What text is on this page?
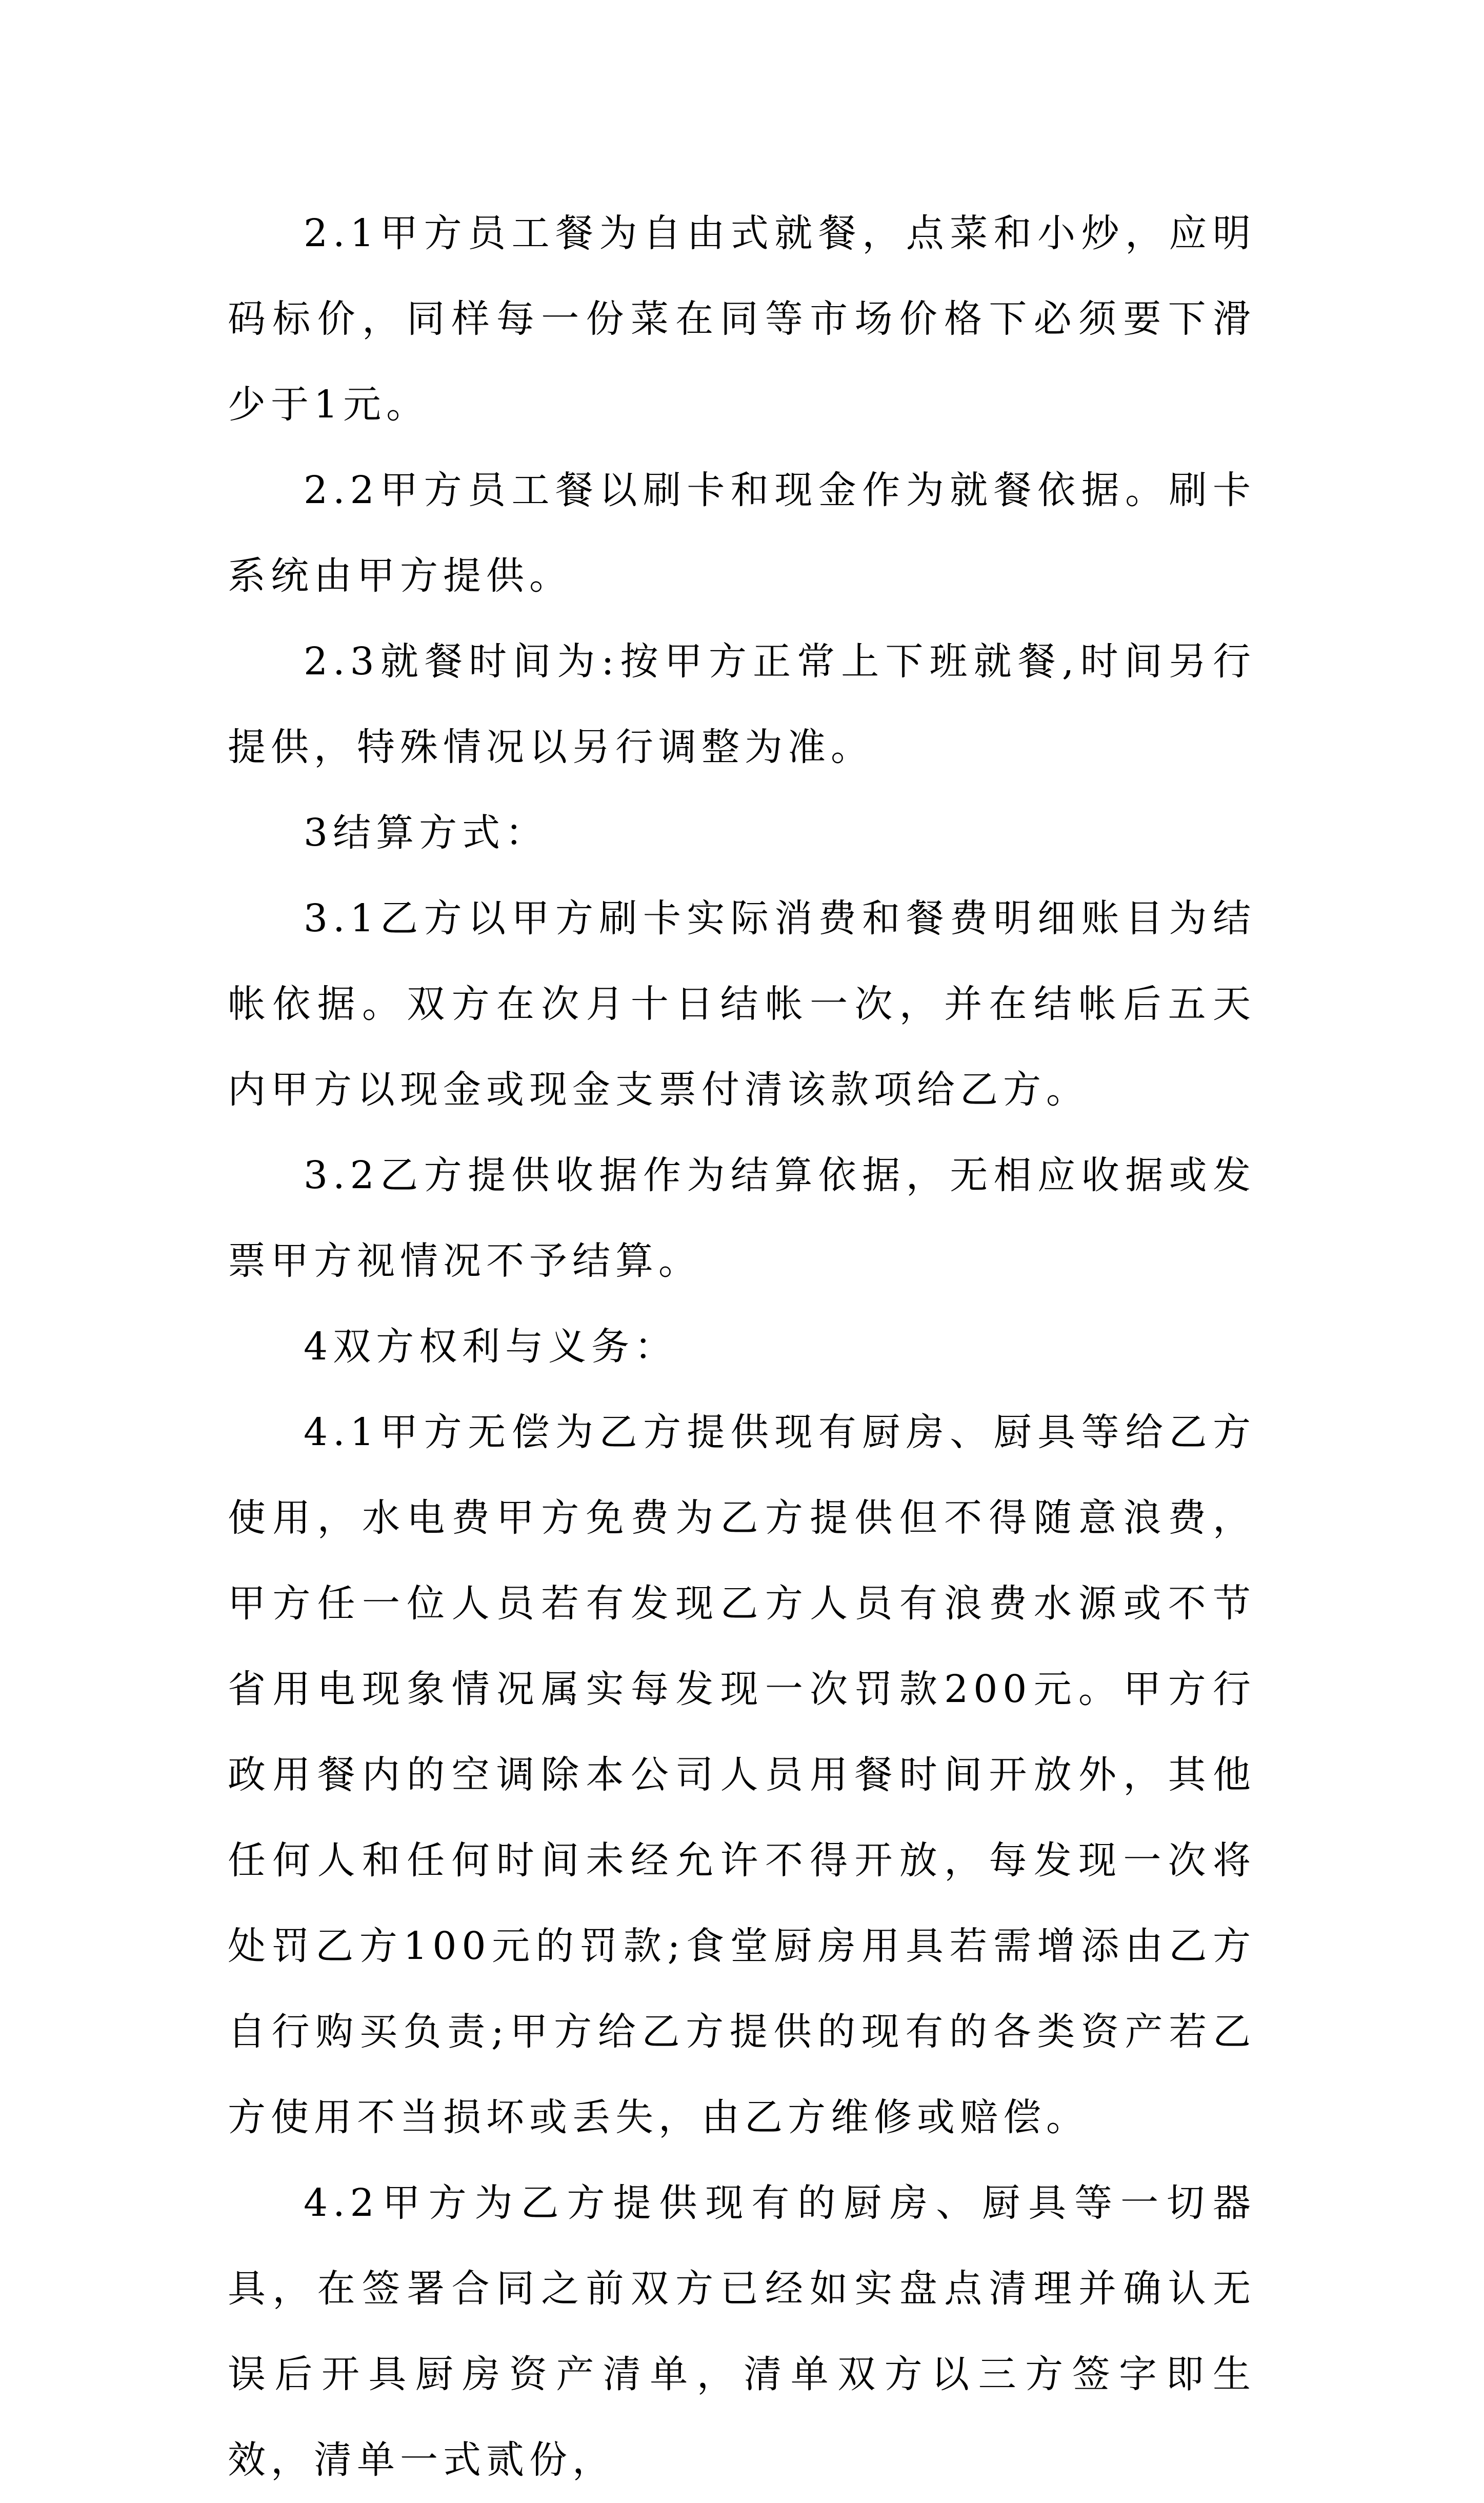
2.1甲方员工餐为自由式就餐，点菜和小炒，应明码标价，同样每一份菜在同等市场价格下必须要下滑少于1元。

2.2甲方员工餐以刷卡和现金作为就餐依据。刷卡系统由甲方提供。

2.3就餐时间为:按甲方正常上下班就餐,时间另行提供，特殊情况以另行调整为准。

3结算方式：

3.1乙方以甲方刷卡实际消费和餐费明细账目为结帐依据。双方在次月十日结帐一次，并在结帐后五天内甲方以现金或现金支票付清该款项给乙方。

3.2乙方提供收据作为结算依据，无相应收据或发票甲方视情况不予结算。

4双方权利与义务：

4.1甲方无偿为乙方提供现有厨房、厨具等给乙方使用，水电费甲方免费为乙方提供但不得随意浪费，甲方任一位人员若有发现乙方人员有浪费水源或不节省用电现象情况属实每发现一次罚款200元。甲方行政用餐内的空调除本公司人员用餐时间开放外，其他任何人和任何时间未经允许不得开放，每发现一次将处罚乙方100元的罚款;食堂厨房用具若需增添由乙方自行购买负责;甲方给乙方提供的现有的各类资产若乙方使用不当损坏或丢失，由乙方维修或赔偿。

4.2甲方为乙方提供现有的厨房、厨具等一切器具，在签署合同之前双方已经如实盘点清理并确认无误后开具厨房资产清单，清单双方以三方签字即生效，清单一式贰份，
